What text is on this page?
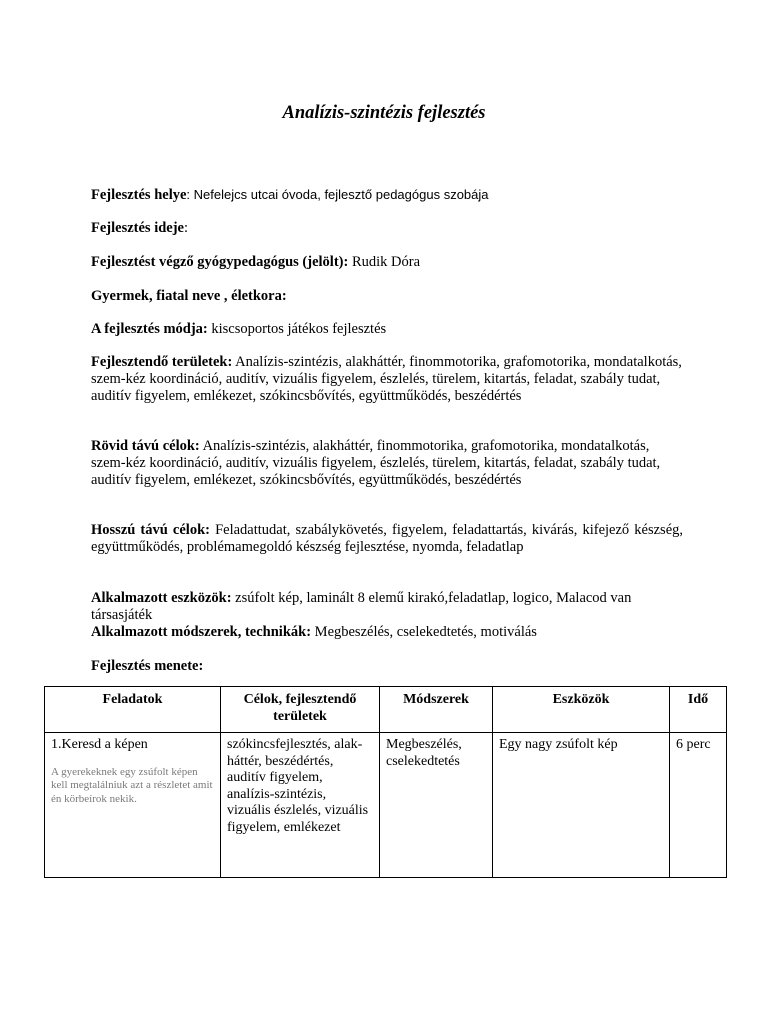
Analízis-szintézis fejlesztés
Fejlesztés helye: Nefelejcs utcai óvoda, fejlesztő pedagógus szobája
Fejlesztés ideje:
Fejlesztést végző gyógypedagógus (jelölt): Rudik Dóra
Gyermek, fiatal neve , életkora:
A fejlesztés módja: kiscsoportos játékos fejlesztés
Fejlesztendő területek: Analízis-szintézis, alakháttér, finommotorika, grafomotorika, mondatalkotás, szem-kéz koordináció, auditív, vizuális figyelem, észlelés, türelem, kitartás, feladat, szabály tudat, auditív figyelem, emlékezet, szókincsbővítés, együttműködés, beszédértés
Rövid távú célok: Analízis-szintézis, alakháttér, finommotorika, grafomotorika, mondatalkotás, szem-kéz koordináció, auditív, vizuális figyelem, észlelés, türelem, kitartás, feladat, szabály tudat, auditív figyelem, emlékezet, szókincsbővítés, együttműködés, beszédértés
Hosszú távú célok: Feladattudat, szabálykövetés, figyelem, feladattartás, kivárás, kifejező készség, együttműködés, problémamegoldó készség fejlesztése, nyomda, feladatlap
Alkalmazott eszközök: zsúfolt kép, laminált 8 elemű kirakó,feladatlap, logico, Malacod van társasjáték
Alkalmazott módszerek, technikák: Megbeszélés, cselekedtetés, motiválás
Fejlesztés menete:
Feladatok	Célok, fejlesztendő területek	Módszerek	Eszközök	Idő
1.Keresd a képen
A gyerekeknek egy zsúfolt képen kell megtalálniuk azt a részletet amit én körbeírok nekik.	szókincsfejlesztés, alak-háttér, beszédértés, auditív figyelem, analízis-szintézis, vizuális észlelés, vizuális figyelem, emlékezet	Megbeszélés, cselekedtetés	Egy nagy zsúfolt kép	6 perc
